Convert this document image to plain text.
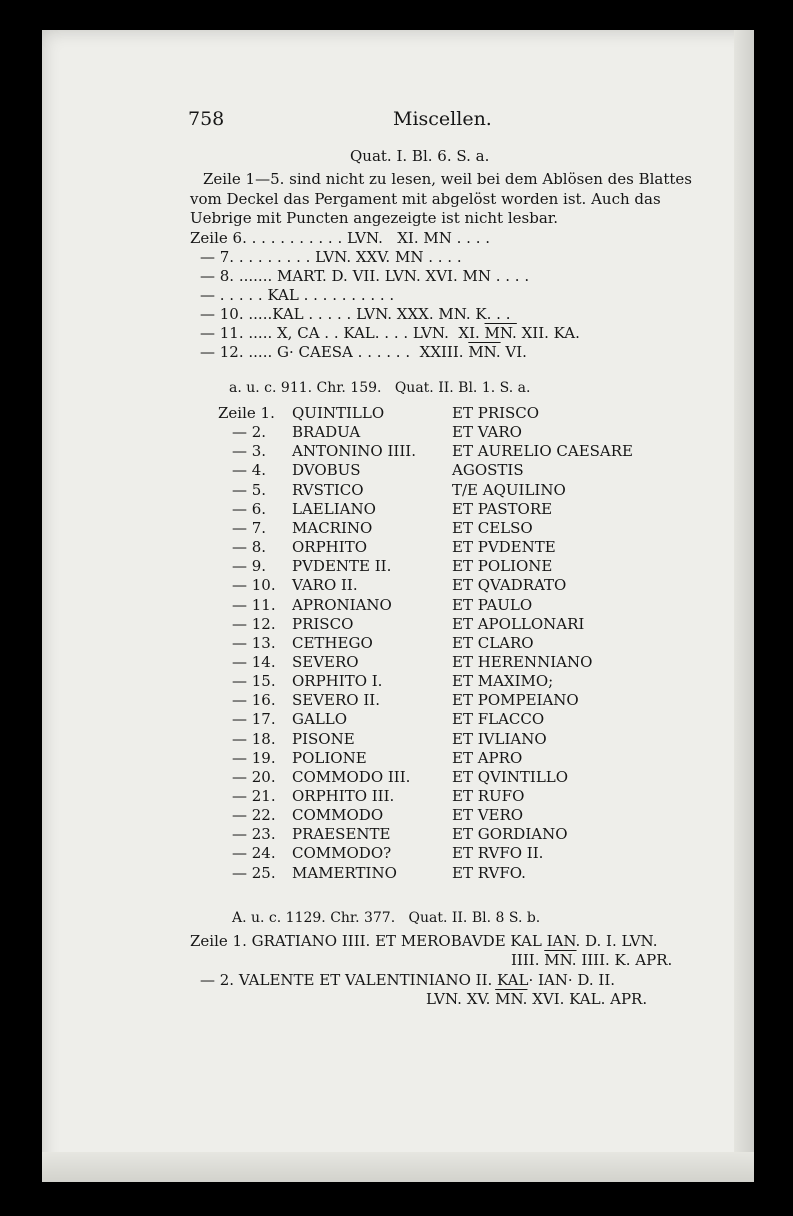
758	Miscellen.
Quat. I. Bl. 6. S. a.
Zeile 1—5. sind nicht zu lesen, weil bei dem Ablösen des Blattes
vom Deckel das Pergament mit abgelöst worden ist. Auch das
Uebrige mit Puncten angezeigte ist nicht lesbar.
Zeile 6. . . . . . . . . . . LVN.   XI. MN . . . .
— 7. . . . . . . . . LVN. XXV. MN . . . .
— 8. ....... MART. D. VII. LVN. XVI. MN . . . .
— . . . . . KAL . . . . . . . . . .
— 10. .....KAL . . . . . LVN. XXX. MN. K. . .
— 11. ..... X, CA . . KAL. . . . LVN.  XI. MN. XII. KA.
— 12. ..... G· CAESA . . . . . .  XXIII. MN. VI.
a. u. c. 911. Chr. 159.   Quat. II. Bl. 1. S. a.
Zeile 1. QUINTILLO	ET PRISCO
— 2. BRADUA	ET VARO
— 3. ANTONINO IIII. ET AURELIO CAESARE
— 4. DVOBUS	AGOSTIS
— 5. RVSTICO	T/E AQUILINO
— 6. LAELIANO	ET PASTORE
— 7. MACRINO	ET CELSO
— 8. ORPHITO	ET PVDENTE
— 9. PVDENTE II.	ET POLIONE
— 10. VARO II.	ET QVADRATO
— 11. APRONIANO	ET PAULO
— 12. PRISCO	ET APOLLONARI
— 13. CETHEGO	ET CLARO
— 14. SEVERO	ET HERENNIANO
— 15. ORPHITO I.	ET MAXIMO;
— 16. SEVERO II.	ET POMPEIANO
— 17. GALLO	ET FLACCO
— 18. PISONE	ET IVLIANO
— 19. POLIONE	ET APRO
— 20. COMMODO III.	ET QVINTILLO
— 21. ORPHITO III.	ET RUFO
— 22. COMMODO	ET VERO
— 23. PRAESENTE	ET GORDIANO
— 24. COMMODO?	ET RVFO II.
— 25. MAMERTINO	ET RVFO.
A. u. c. 1129. Chr. 377.   Quat. II. Bl. 8 S. b.
Zeile 1. GRATIANO IIII. ET MEROBAVDE KAL IAN. D. I. LVN.
IIII. MN. IIII. K. APR.
— 2. VALENTE ET VALENTINIANO II. KAL· IAN· D. II.
LVN. XV. MN. XVI. KAL. APR.
